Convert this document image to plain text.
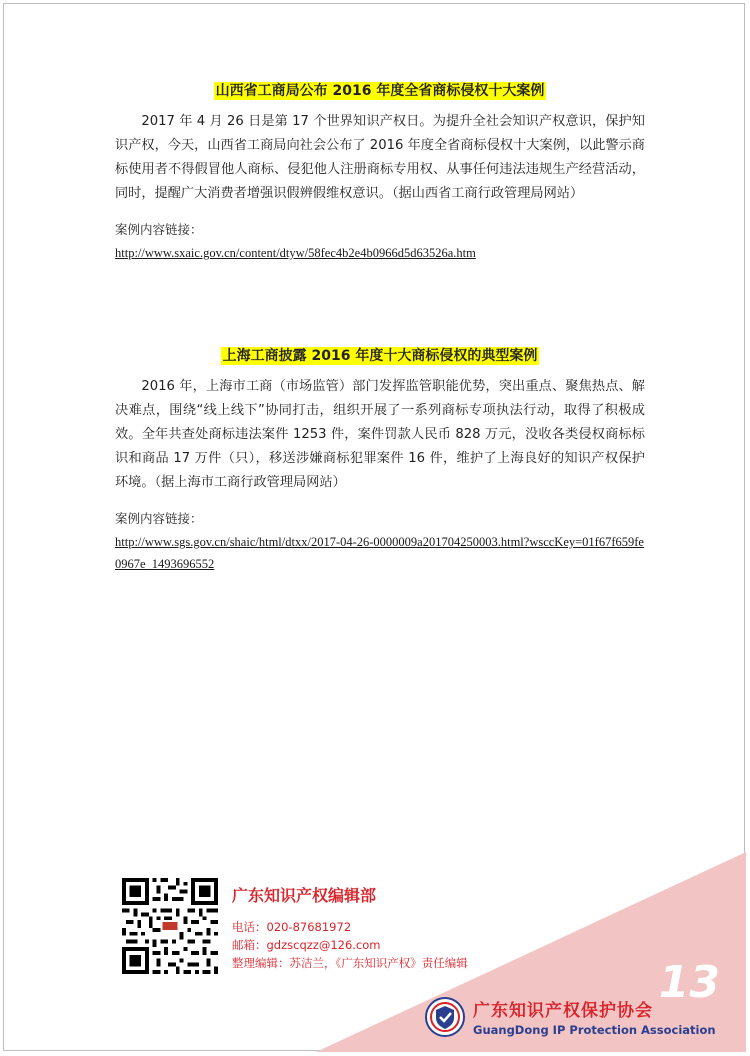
山西省工商局公布 2016 年度全省商标侵权十大案例

2017 年 4 月 26 日是第 17 个世界知识产权日。为提升全社会知识产权意识，保护知识产权，今天，山西省工商局向社会公布了 2016 年度全省商标侵权十大案例，以此警示商标使用者不得假冒他人商标、侵犯他人注册商标专用权、从事任何违法违规生产经营活动，同时，提醒广大消费者增强识假辨假维权意识。（据山西省工商行政管理局网站）

案例内容链接：

http://www.sxaic.gov.cn/content/dtyw/58fec4b2e4b0966d5d63526a.htm

上海工商披露 2016 年度十大商标侵权的典型案例

2016 年，上海市工商（市场监管）部门发挥监管职能优势，突出重点、聚焦热点、解决难点，围绕“线上线下”协同打击，组织开展了一系列商标专项执法行动，取得了积极成效。全年共查处商标违法案件 1253 件，案件罚款人民币 828 万元，没收各类侵权商标标识和商品 17 万件（只），移送涉嫌商标犯罪案件 16 件，维护了上海良好的知识产权保护环境。（据上海市工商行政管理局网站）

案例内容链接：

http://www.sgs.gov.cn/shaic/html/dtxx/2017-04-26-0000009a201704250003.html?wsccKey=01f67f659fe0967e_1493696552
13
广东知识产权编辑部
电话：020-87681972
邮箱：gdzscqzz@126.com
整理编辑：苏洁兰，《广东知识产权》责任编辑
广东知识产权保护协会
GuangDong IP Protection Association
